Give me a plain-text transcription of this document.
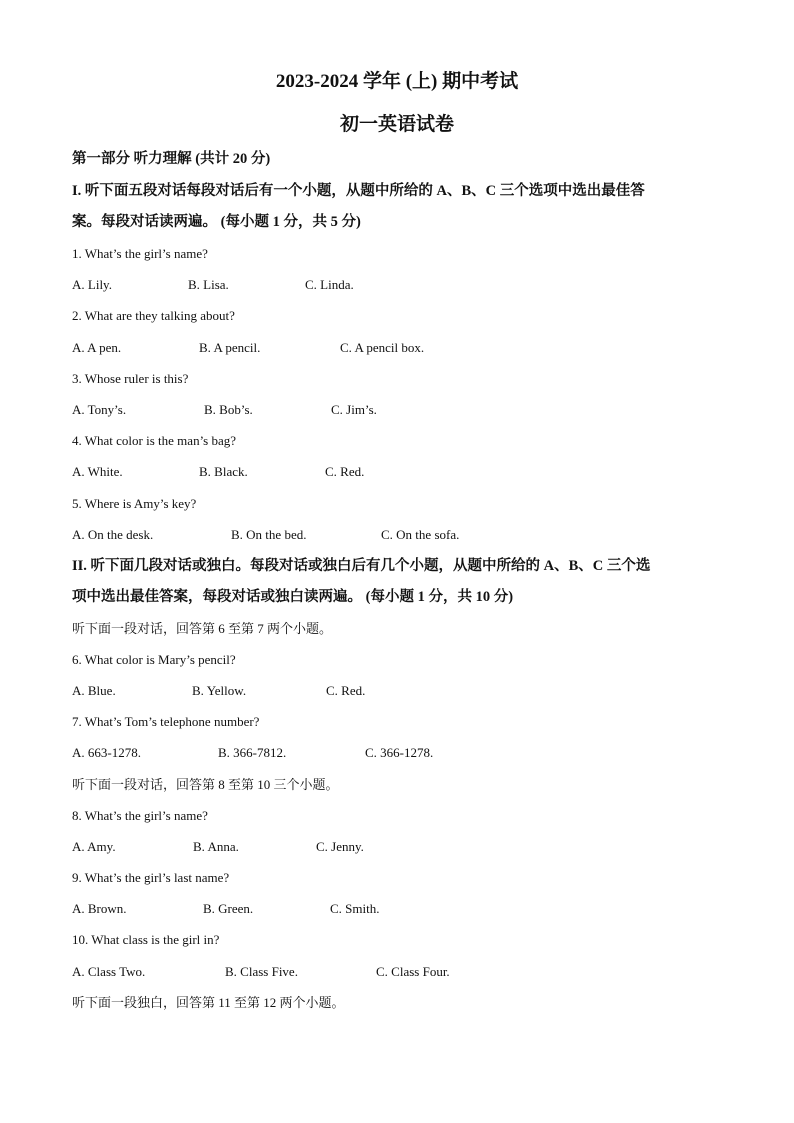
2023-2024 学年 (上) 期中考试
初一英语试卷
第一部分 听力理解 (共计 20 分)
I. 听下面五段对话每段对话后有一个小题，从题中所给的 A、B、C 三个选项中选出最佳答
案。每段对话读两遍。 (每小题 1 分，共 5 分)
1. What’s the girl’s name?
A. Lily.	B. Lisa.	C. Linda.
2. What are they talking about?
A. A pen.	B. A pencil.	C. A pencil box.
3. Whose ruler is this?
A. Tony’s.	B. Bob’s.	C. Jim’s.
4. What color is the man’s bag?
A. White.	B. Black.	C. Red.
5. Where is Amy’s key?
A. On the desk.	B. On the bed.	C. On the sofa.
II. 听下面几段对话或独白。每段对话或独白后有几个小题，从题中所给的 A、B、C 三个选
项中选出最佳答案，每段对话或独白读两遍。 (每小题 1 分，共 10 分)
听下面一段对话，回答第 6 至第 7 两个小题。
6. What color is Mary’s pencil?
A. Blue.	B. Yellow.	C. Red.
7. What’s Tom’s telephone number?
A. 663-1278.	B. 366-7812.	C. 366-1278.
听下面一段对话，回答第 8 至第 10 三个小题。
8. What’s the girl’s name?
A. Amy.	B. Anna.	C. Jenny.
9. What’s the girl’s last name?
A. Brown.	B. Green.	C. Smith.
10. What class is the girl in?
A. Class Two.	B. Class Five.	C. Class Four.
听下面一段独白，回答第 11 至第 12 两个小题。
